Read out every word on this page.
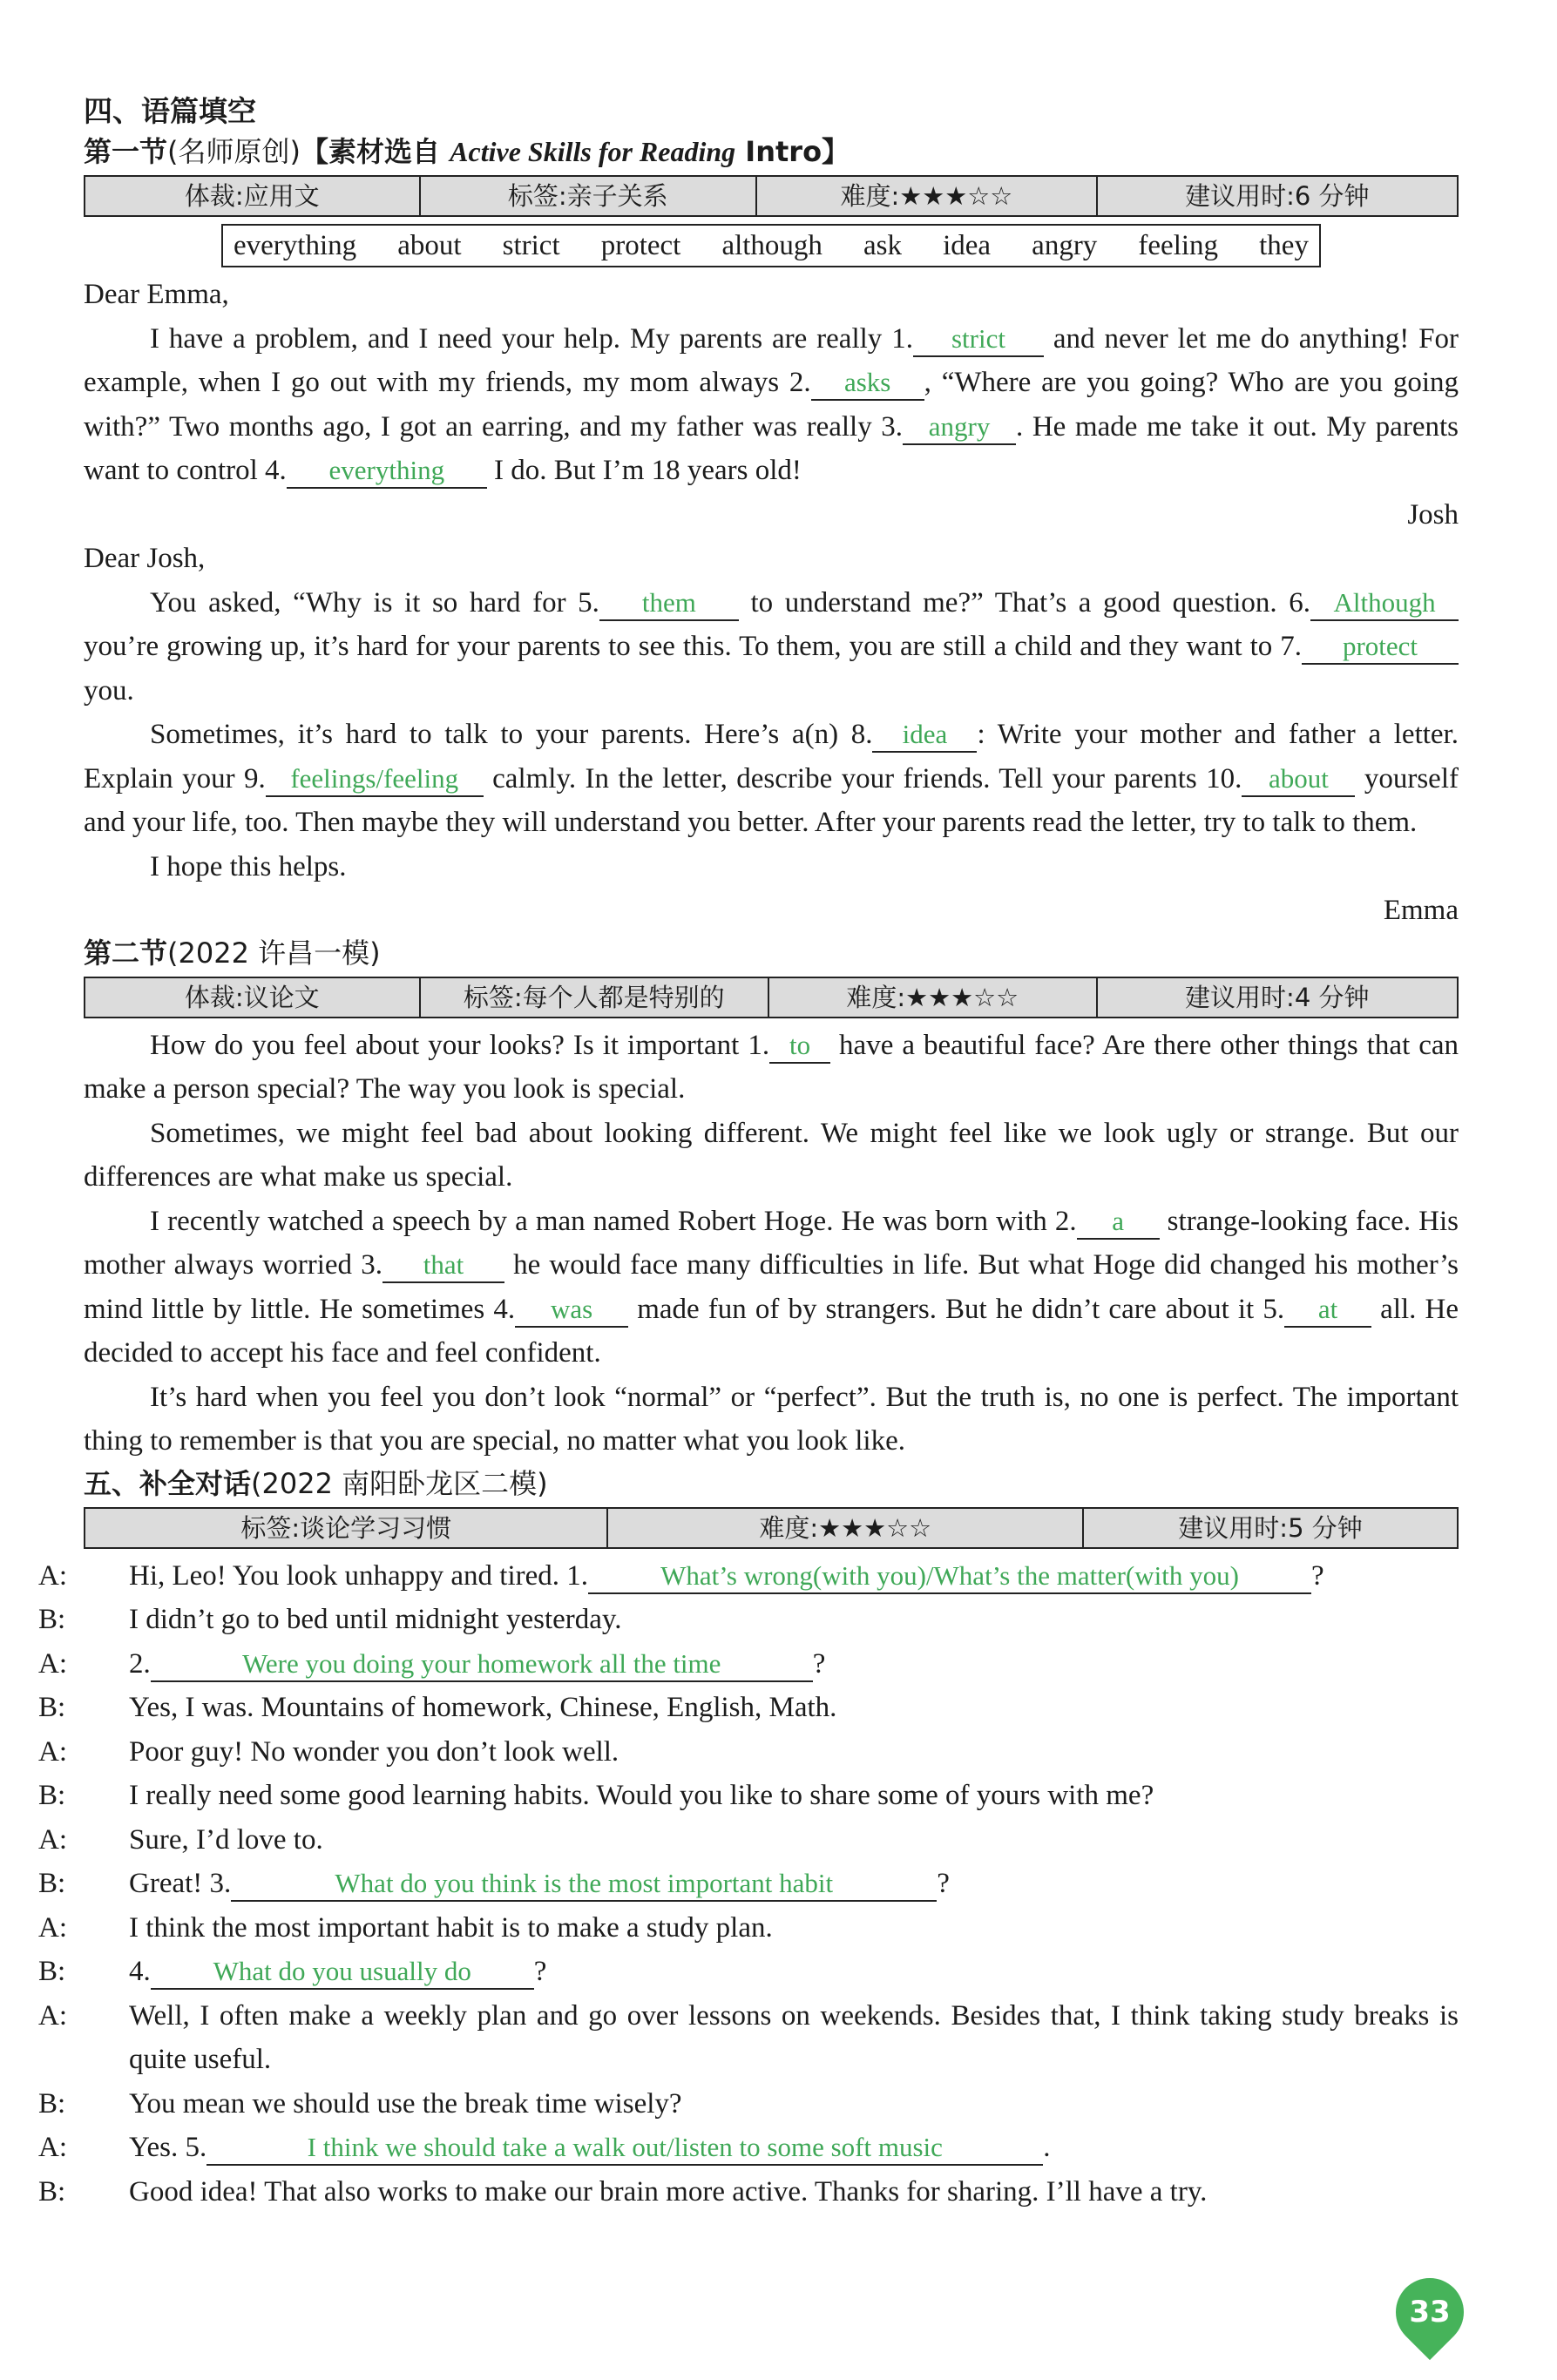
四、语篇填空
第一节(名师原创)【素材选自 Active Skills for Reading Intro】
体裁:应用文	标签:亲子关系	难度:★★★☆☆	建议用时:6 分钟
everything about strict protect although ask idea angry feeling they

Dear Emma,

I have a problem, and I need your help. My parents are really 1. strict and never let me do anything! For example, when I go out with my friends, my mom always 2. asks , “Where are you going? Who are you going with?” Two months ago, I got an earring, and my father was really 3. angry . He made me take it out. My parents want to control 4. everything I do. But I’m 18 years old!

Josh

Dear Josh,

You asked, “Why is it so hard for 5. them to understand me?” That’s a good question. 6. Although you’re growing up, it’s hard for your parents to see this. To them, you are still a child and they want to 7. protect you.

Sometimes, it’s hard to talk to your parents. Here’s a(n) 8. idea : Write your mother and father a letter. Explain your 9. feelings/feeling calmly. In the letter, describe your friends. Tell your parents 10. about yourself and your life, too. Then maybe they will understand you better. After your parents read the letter, try to talk to them.

I hope this helps.

Emma

第二节(2022 许昌一模)
体裁:议论文	标签:每个人都是特别的	难度:★★★☆☆	建议用时:4 分钟

How do you feel about your looks? Is it important 1. to have a beautiful face? Are there other things that can make a person special? The way you look is special.

Sometimes, we might feel bad about looking different. We might feel like we look ugly or strange. But our differences are what make us special.

I recently watched a speech by a man named Robert Hoge. He was born with 2. a strange-looking face. His mother always worried 3. that he would face many difficulties in life. But what Hoge did changed his mother’s mind little by little. He sometimes 4. was made fun of by strangers. But he didn’t care about it 5. at all. He decided to accept his face and feel confident.

It’s hard when you feel you don’t look “normal” or “perfect”. But the truth is, no one is perfect. The important thing to remember is that you are special, no matter what you look like.

五、补全对话(2022 南阳卧龙区二模)
标签:谈论学习习惯	难度:★★★☆☆	建议用时:5 分钟

A: Hi, Leo! You look unhappy and tired. 1.	What’s wrong(with you)/What’s the matter(with you)	?

B: I didn’t go to bed until midnight yesterday.

A: 2.	Were you doing your homework all the time	?

B: Yes, I was. Mountains of homework, Chinese, English, Math.

A: Poor guy! No wonder you don’t look well.

B: I really need some good learning habits. Would you like to share some of yours with me?

A: Sure, I’d love to.

B: Great! 3.	What do you think is the most important habit	?

A: I think the most important habit is to make a study plan.

B: 4. What do you usually do ?

A: Well, I often make a weekly plan and go over lessons on weekends. Besides that, I think taking study breaks is quite useful.

B: You mean we should use the break time wisely?

A: Yes. 5.	I think we should take a walk out/listen to some soft music	.

B: Good idea! That also works to make our brain more active. Thanks for sharing. I’ll have a try.

33
